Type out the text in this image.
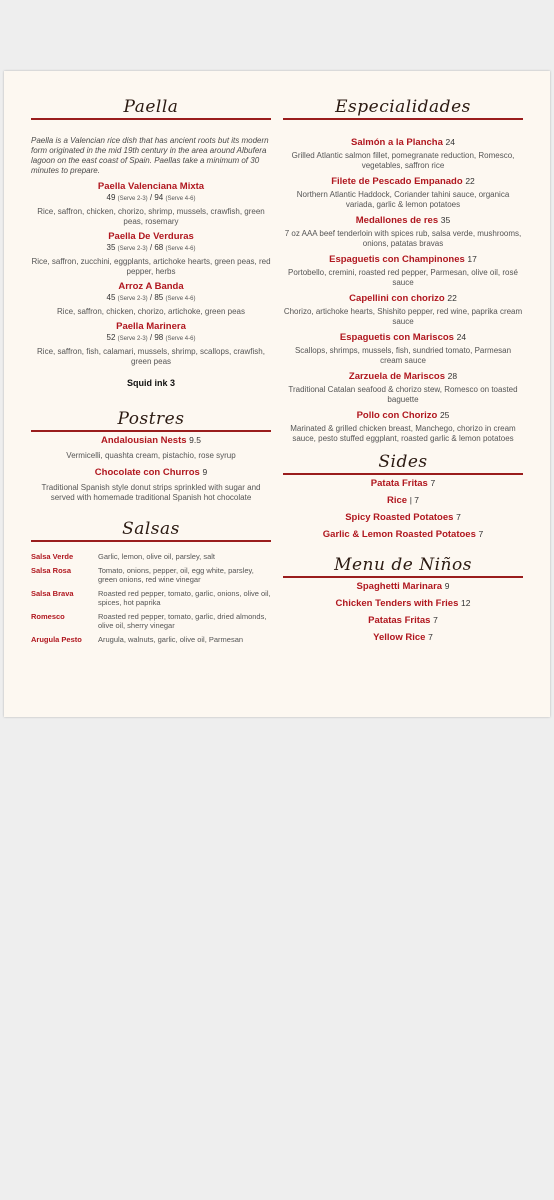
Paella
Paella is a Valencian rice dish that has ancient roots but its modern form originated in the mid 19th century in the area around Albufera lagoon on the east coast of Spain. Paellas take a minimum of 30 minutes to prepare.
Paella Valenciana Mixta
49 (Serve 2-3) / 94 (Serve 4-6)
Rice, saffron, chicken, chorizo, shrimp, mussels, crawfish, green peas, rosemary
Paella De Verduras
35 (Serve 2-3) / 68 (Serve 4-6)
Rice, saffron, zucchini, eggplants, artichoke hearts, green peas, red pepper, herbs
Arroz A Banda
45 (Serve 2-3) / 85 (Serve 4-6)
Rice, saffron, chicken, chorizo, artichoke, green peas
Paella Marinera
52 (Serve 2-3) / 98 (Serve 4-6)
Rice, saffron, fish, calamari, mussels, shrimp, scallops, crawfish, green peas
Squid ink 3
Postres
Andalousian Nests 9.5
Vermicelli, quashta cream, pistachio, rose syrup
Chocolate con Churros 9
Traditional Spanish style donut strips sprinkled with sugar and served with homemade traditional Spanish hot chocolate
Salsas
Salsa Verde	Garlic, lemon, olive oil, parsley, salt
Salsa Rosa	Tomato, onions, pepper, oil, egg white, parsley, green onions, red wine vinegar
Salsa Brava	Roasted red pepper, tomato, garlic, onions, olive oil, spices, hot paprika
Romesco	Roasted red pepper, tomato, garlic, dried almonds, olive oil, sherry vinegar
Arugula Pesto	Arugula, walnuts, garlic, olive oil, Parmesan
Especialidades
Salmón a la Plancha 24
Grilled Atlantic salmon fillet, pomegranate reduction, Romesco, vegetables, saffron rice
Filete de Pescado Empanado 22
Northern Atlantic Haddock, Coriander tahini sauce, organica variada, garlic & lemon potatoes
Medallones de res 35
7 oz AAA beef tenderloin with spices rub, salsa verde, mushrooms, onions, patatas bravas
Espaguetis con Champinones 17
Portobello, cremini, roasted red pepper, Parmesan, olive oil, rosé sauce
Capellini con chorizo 22
Chorizo, artichoke hearts, Shishito pepper, red wine, paprika cream sauce
Espaguetis con Mariscos 24
Scallops, shrimps, mussels, fish, sundried tomato, Parmesan cream sauce
Zarzuela de Mariscos 28
Traditional Catalan seafood & chorizo stew, Romesco on toasted baguette
Pollo con Chorizo 25
Marinated & grilled chicken breast, Manchego, chorizo in cream sauce, pesto stuffed eggplant, roasted garlic & lemon potatoes
Sides
Patata Fritas 7
Rice | 7
Spicy Roasted Potatoes 7
Garlic & Lemon Roasted Potatoes 7
Menu de Niños
Spaghetti Marinara 9
Chicken Tenders with Fries 12
Patatas Fritas 7
Yellow Rice 7
